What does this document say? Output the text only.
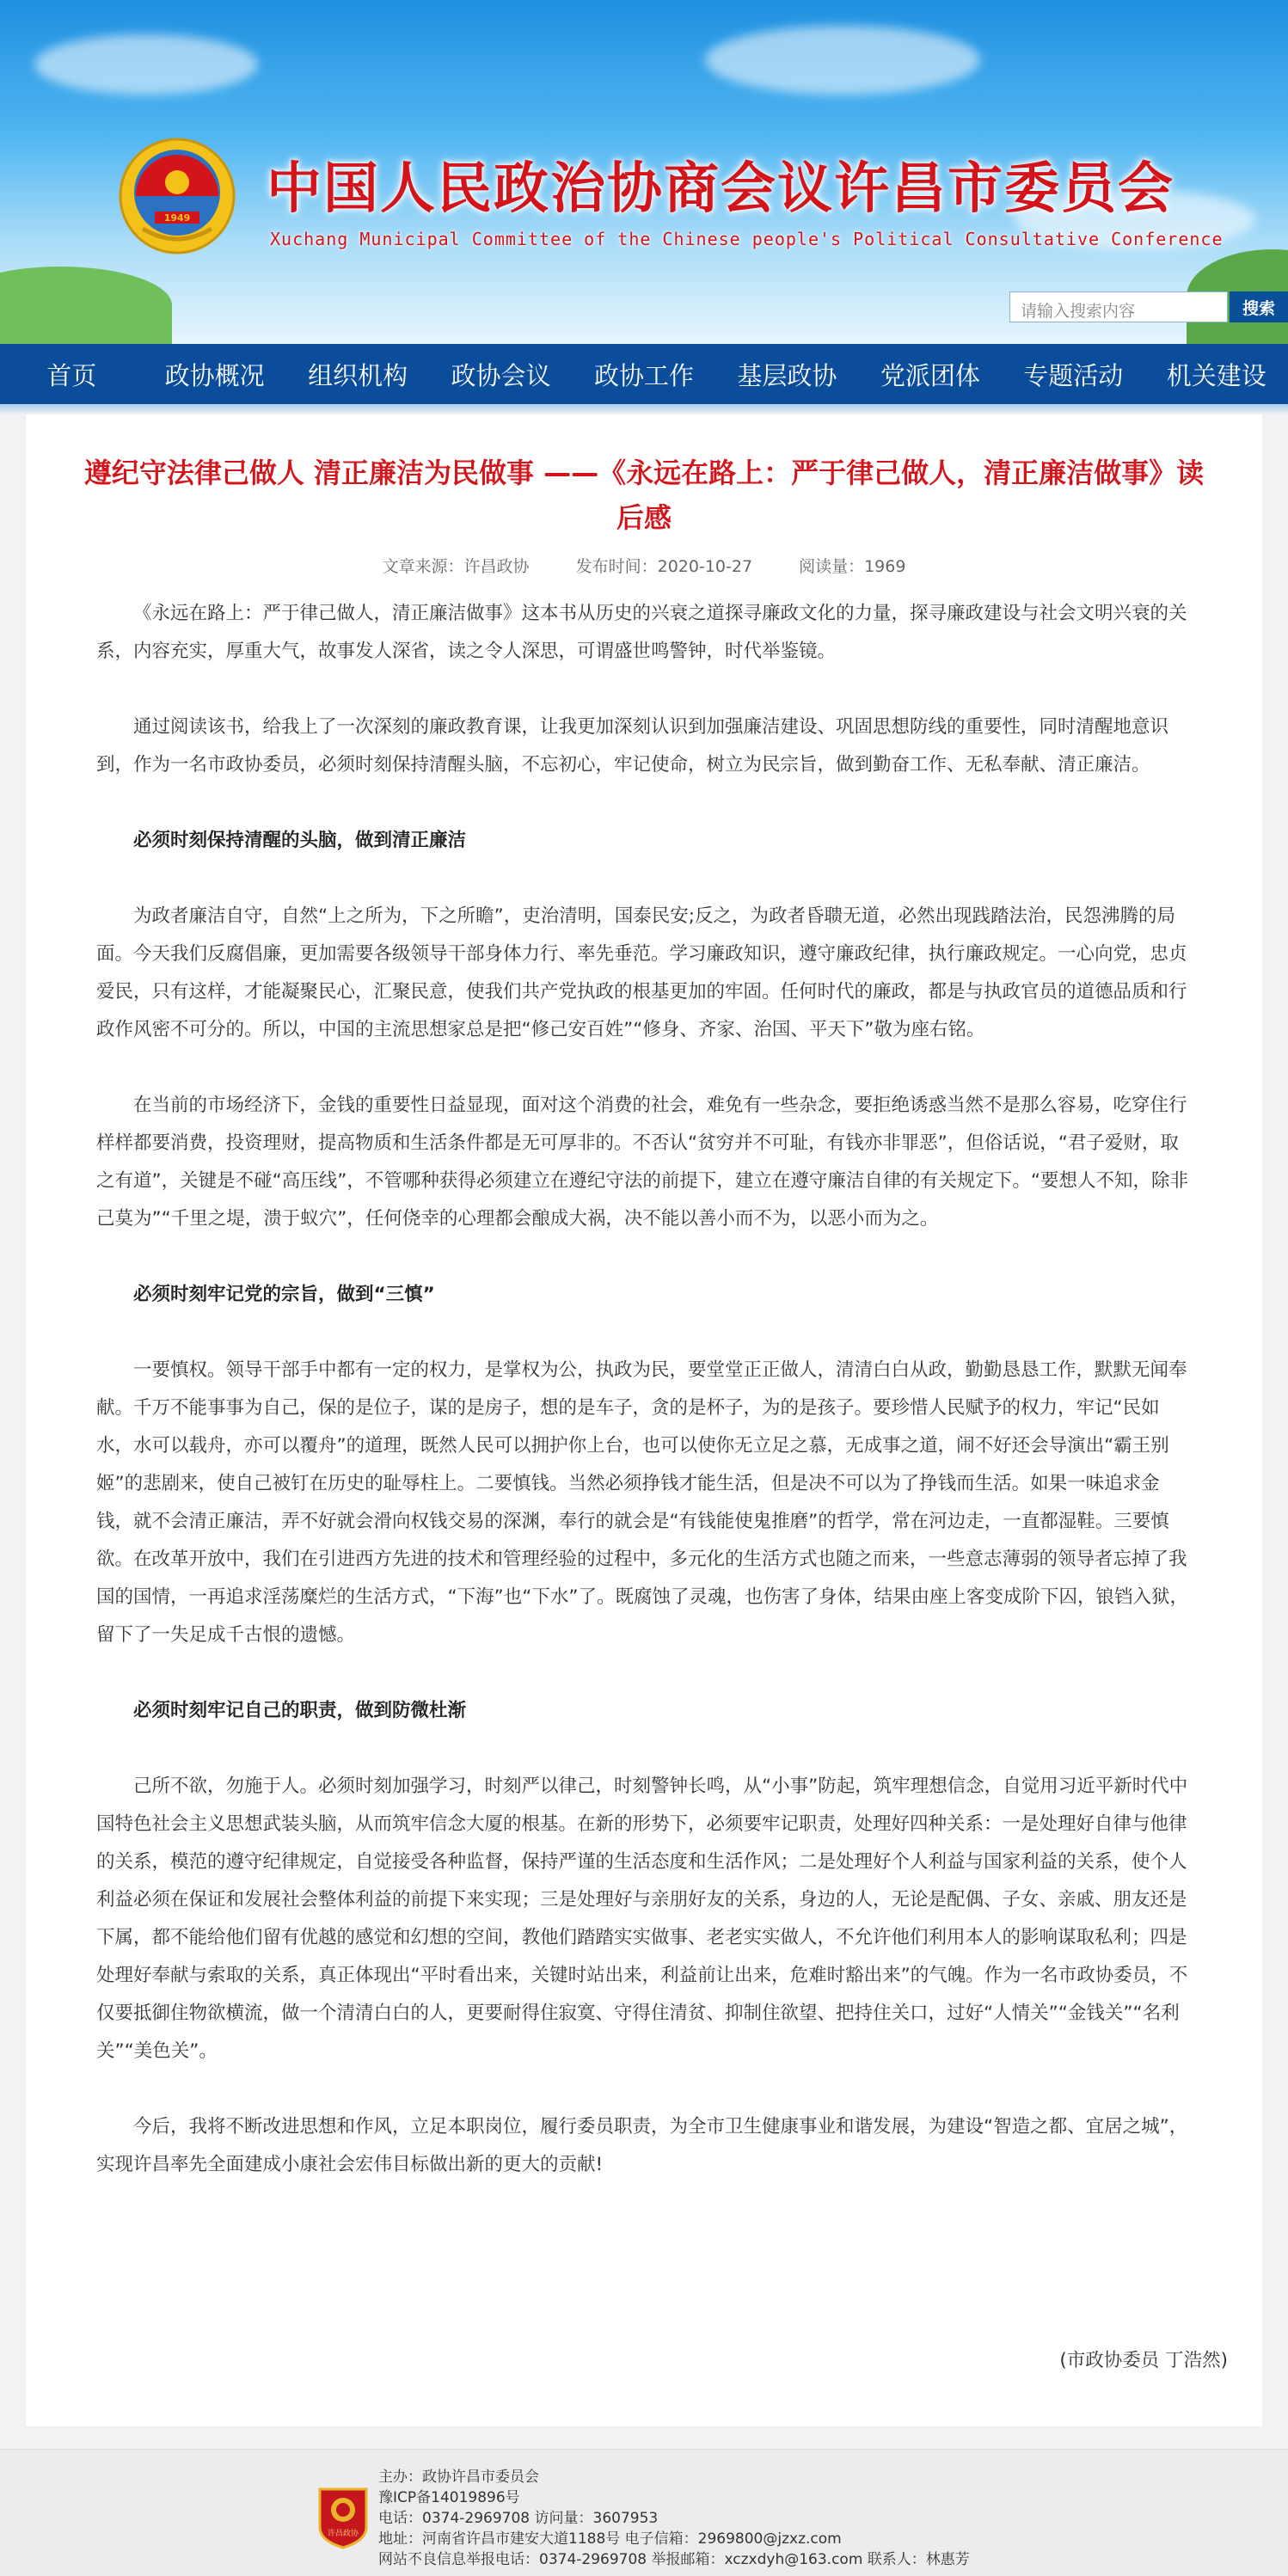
1949 中国人民政治协商会议许昌市委员会
Xuchang Municipal Committee of the Chinese people's Political Consultative Conference
请输入搜索内容	搜索
首页	政协概况	组织机构	政协会议	政协工作	基层政协	党派团体	专题活动	机关建设
遵纪守法律己做人 清正廉洁为民做事 ——《永远在路上：严于律己做人，清正廉洁做事》读后感
文章来源：许昌政协	发布时间：2020-10-27	阅读量：1969

《永远在路上：严于律己做人，清正廉洁做事》这本书从历史的兴衰之道探寻廉政文化的力量，探寻廉政建设与社会文明兴衰的关系，内容充实，厚重大气，故事发人深省，读之令人深思，可谓盛世鸣警钟，时代举鉴镜。

通过阅读该书，给我上了一次深刻的廉政教育课，让我更加深刻认识到加强廉洁建设、巩固思想防线的重要性，同时清醒地意识到，作为一名市政协委员，必须时刻保持清醒头脑，不忘初心，牢记使命，树立为民宗旨，做到勤奋工作、无私奉献、清正廉洁。

必须时刻保持清醒的头脑，做到清正廉洁

为政者廉洁自守，自然“上之所为，下之所瞻”，吏治清明，国泰民安;反之，为政者昏聩无道，必然出现践踏法治，民怨沸腾的局面。今天我们反腐倡廉，更加需要各级领导干部身体力行、率先垂范。学习廉政知识，遵守廉政纪律，执行廉政规定。一心向党，忠贞爱民，只有这样，才能凝聚民心，汇聚民意，使我们共产党执政的根基更加的牢固。任何时代的廉政，都是与执政官员的道德品质和行政作风密不可分的。所以，中国的主流思想家总是把“修己安百姓”“修身、齐家、治国、平天下”敬为座右铭。

在当前的市场经济下，金钱的重要性日益显现，面对这个消费的社会，难免有一些杂念，要拒绝诱惑当然不是那么容易，吃穿住行样样都要消费，投资理财，提高物质和生活条件都是无可厚非的。不否认“贫穷并不可耻，有钱亦非罪恶”，但俗话说，“君子爱财，取之有道”，关键是不碰“高压线”，不管哪种获得必须建立在遵纪守法的前提下，建立在遵守廉洁自律的有关规定下。“要想人不知，除非己莫为”“千里之堤，溃于蚁穴”，任何侥幸的心理都会酿成大祸，决不能以善小而不为，以恶小而为之。

必须时刻牢记党的宗旨，做到“三慎”

一要慎权。领导干部手中都有一定的权力，是掌权为公，执政为民，要堂堂正正做人，清清白白从政，勤勤恳恳工作，默默无闻奉献。千万不能事事为自己，保的是位子，谋的是房子，想的是车子，贪的是杯子，为的是孩子。要珍惜人民赋予的权力，牢记“民如水，水可以载舟，亦可以覆舟”的道理，既然人民可以拥护你上台，也可以使你无立足之慕，无成事之道，闹不好还会导演出“霸王别姬”的悲剧来，使自己被钉在历史的耻辱柱上。二要慎钱。当然必须挣钱才能生活，但是决不可以为了挣钱而生活。如果一味追求金钱，就不会清正廉洁，弄不好就会滑向权钱交易的深渊，奉行的就会是“有钱能使鬼推磨”的哲学，常在河边走，一直都湿鞋。三要慎欲。在改革开放中，我们在引进西方先进的技术和管理经验的过程中，多元化的生活方式也随之而来，一些意志薄弱的领导者忘掉了我国的国情，一再追求淫荡糜烂的生活方式，“下海”也“下水”了。既腐蚀了灵魂，也伤害了身体，结果由座上客变成阶下囚，锒铛入狱，留下了一失足成千古恨的遗憾。

必须时刻牢记自己的职责，做到防微杜渐

己所不欲，勿施于人。必须时刻加强学习，时刻严以律己，时刻警钟长鸣，从“小事”防起，筑牢理想信念，自觉用习近平新时代中国特色社会主义思想武装头脑，从而筑牢信念大厦的根基。在新的形势下，必须要牢记职责，处理好四种关系：一是处理好自律与他律的关系，模范的遵守纪律规定，自觉接受各种监督，保持严谨的生活态度和生活作风；二是处理好个人利益与国家利益的关系，使个人利益必须在保证和发展社会整体利益的前提下来实现；三是处理好与亲朋好友的关系，身边的人，无论是配偶、子女、亲戚、朋友还是下属，都不能给他们留有优越的感觉和幻想的空间，教他们踏踏实实做事、老老实实做人，不允许他们利用本人的影响谋取私利；四是处理好奉献与索取的关系，真正体现出“平时看出来，关键时站出来，利益前让出来，危难时豁出来”的气魄。作为一名市政协委员，不仅要抵御住物欲横流，做一个清清白白的人，更要耐得住寂寞、守得住清贫、抑制住欲望、把持住关口，过好“人情关”“金钱关”“名利关”“美色关”。

今后，我将不断改进思想和作风，立足本职岗位，履行委员职责，为全市卫生健康事业和谐发展，为建设“智造之都、宜居之城”，实现许昌率先全面建成小康社会宏伟目标做出新的更大的贡献!

(市政协委员 丁浩然)
许昌政协
主办：政协许昌市委员会
豫ICP备14019896号
电话：0374-2969708 访问量：3607953
地址：河南省许昌市建安大道1188号 电子信箱：2969800@jzxz.com
网站不良信息举报电话：0374-2969708 举报邮箱：xczxdyh@163.com 联系人：林惠芳
